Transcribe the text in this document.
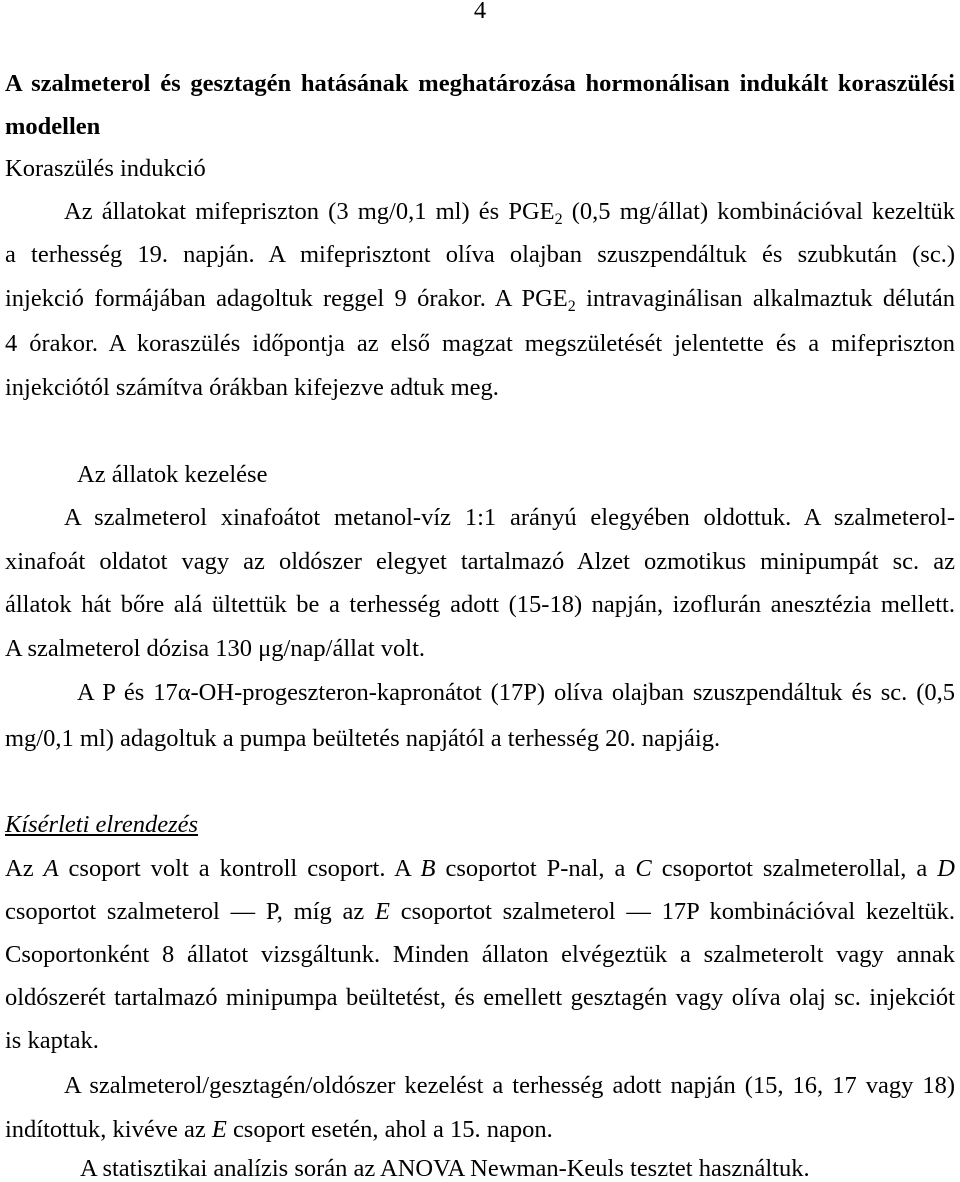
4
A szalmeterol és gesztagén hatásának meghatározása hormonálisan indukált koraszülési
modellen
Koraszülés indukció
Az állatokat mifepriszton (3 mg/0,1 ml) és $PGE_2$ (0,5 mg/állat) kombinációval kezeltük
a terhesség 19. napján. A mifeprisztont olíva olajban szuszpendáltuk és szubkután (sc.)
injekció formájában adagoltuk reggel 9 órakor. A $PGE_2$ intravaginálisan alkalmaztuk délután
4 órakor. A koraszülés időpontja az első magzat megszületését jelentette és a mifepriszton
injekciótól számítva órákban kifejezve adtuk meg.
Az állatok kezelése
A szalmeterol xinafoátot metanol-víz 1:1 arányú elegyében oldottuk. A szalmeterol-
xinafoát oldatot vagy az oldószer elegyet tartalmazó Alzet ozmotikus minipumpát sc. az
állatok hát bőre alá ültettük be a terhesség adott (15-18) napján, izoflurán anesztézia mellett.
A szalmeterol dózisa 130 μg/nap/állat volt.
A P és 17α-OH-progeszteron-kapronátot (17P) olíva olajban szuszpendáltuk és sc. (0,5
mg/0,1 ml) adagoltuk a pumpa beültetés napjától a terhesség 20. napjáig.
Kísérleti elrendezés
Az A csoport volt a kontroll csoport. A B csoportot P-nal, a C csoportot szalmeterollal, a D
csoportot szalmeterol — P, míg az E csoportot szalmeterol — 17P kombinációval kezeltük.
Csoportonként 8 állatot vizsgáltunk. Minden állaton elvégeztük a szalmeterolt vagy annak
oldószerét tartalmazó minipumpa beültetést, és emellett gesztagén vagy olíva olaj sc. injekciót
is kaptak.
A szalmeterol/gesztagén/oldószer kezelést a terhesség adott napján (15, 16, 17 vagy 18)
indítottuk, kivéve az E csoport esetén, ahol a 15. napon.
A statisztikai analízis során az ANOVA Newman-Keuls tesztet használtuk.
